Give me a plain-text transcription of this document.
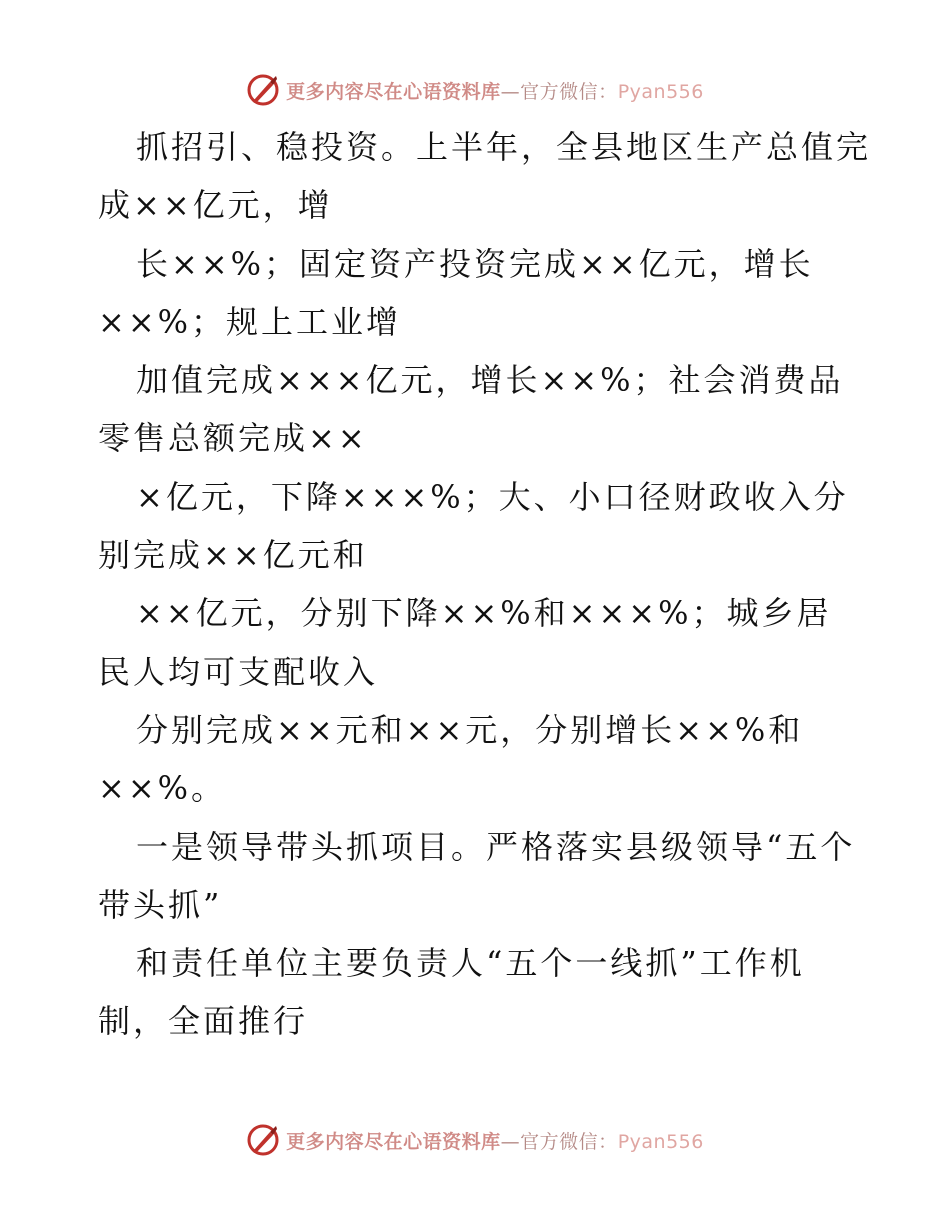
更多内容尽在心语资料库—官方微信：Pyan556
抓招引、稳投资。上半年，全县地区生产总值完
成××亿元，增
长××%；固定资产投资完成××亿元，增长
××%；规上工业增
加值完成×××亿元，增长××%；社会消费品
零售总额完成××
×亿元，下降×××%；大、小口径财政收入分
别完成××亿元和
××亿元，分别下降××%和×××%；城乡居
民人均可支配收入
分别完成××元和××元，分别增长××%和
××%。
一是领导带头抓项目。严格落实县级领导“五个
带头抓”
和责任单位主要负责人“五个一线抓”工作机
制，全面推行
更多内容尽在心语资料库—官方微信：Pyan556
